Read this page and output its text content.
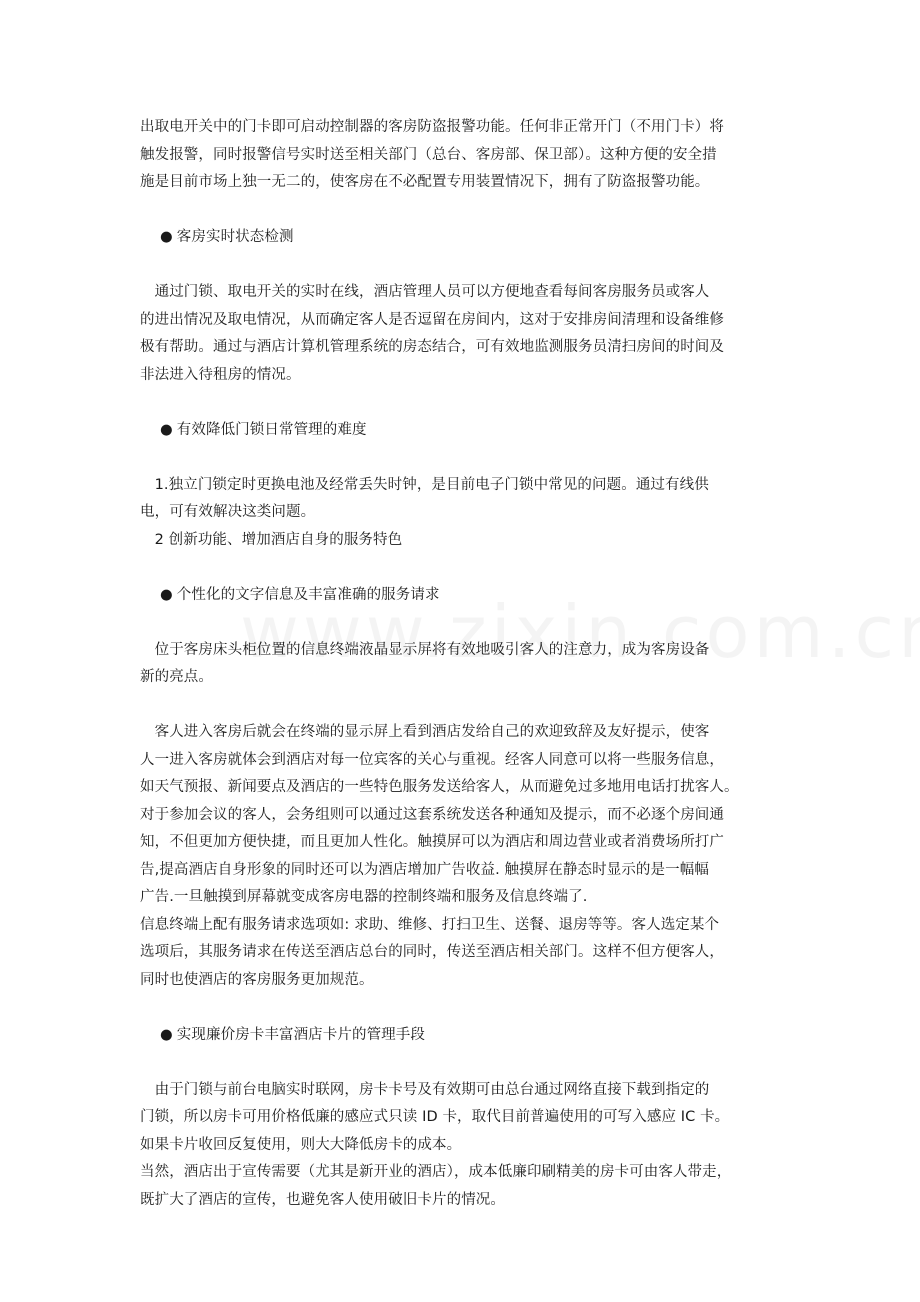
出取电开关中的门卡即可启动控制器的客房防盗报警功能。任何非正常开门（不用门卡）将
触发报警，同时报警信号实时送至相关部门（总台、客房部、保卫部）。这种方便的安全措
施是目前市场上独一无二的，使客房在不必配置专用装置情况下，拥有了防盗报警功能。
● 客房实时状态检测
　通过门锁、取电开关的实时在线，酒店管理人员可以方便地查看每间客房服务员或客人
的进出情况及取电情况，从而确定客人是否逗留在房间内，这对于安排房间清理和设备维修
极有帮助。通过与酒店计算机管理系统的房态结合，可有效地监测服务员清扫房间的时间及
非法进入待租房的情况。
● 有效降低门锁日常管理的难度
　1.独立门锁定时更换电池及经常丢失时钟，是目前电子门锁中常见的问题。通过有线供
电，可有效解决这类问题。
　2 创新功能、增加酒店自身的服务特色
● 个性化的文字信息及丰富准确的服务请求
　位于客房床头柜位置的信息终端液晶显示屏将有效地吸引客人的注意力，成为客房设备
新的亮点。
　客人进入客房后就会在终端的显示屏上看到酒店发给自己的欢迎致辞及友好提示，使客
人一进入客房就体会到酒店对每一位宾客的关心与重视。经客人同意可以将一些服务信息，
如天气预报、新闻要点及酒店的一些特色服务发送给客人，从而避免过多地用电话打扰客人。
对于参加会议的客人，会务组则可以通过这套系统发送各种通知及提示，而不必逐个房间通
知，不但更加方便快捷，而且更加人性化。触摸屏可以为酒店和周边营业或者消费场所打广
告,提高酒店自身形象的同时还可以为酒店增加广告收益. 触摸屏在静态时显示的是一幅幅
广告.一旦触摸到屏幕就变成客房电器的控制终端和服务及信息终端了.
信息终端上配有服务请求选项如: 求助、维修、打扫卫生、送餐、退房等等。客人选定某个
选项后，其服务请求在传送至酒店总台的同时，传送至酒店相关部门。这样不但方便客人，
同时也使酒店的客房服务更加规范。
● 实现廉价房卡丰富酒店卡片的管理手段
　由于门锁与前台电脑实时联网，房卡卡号及有效期可由总台通过网络直接下载到指定的
门锁，所以房卡可用价格低廉的感应式只读 ID 卡，取代目前普遍使用的可写入感应 IC 卡。
如果卡片收回反复使用，则大大降低房卡的成本。
当然，酒店出于宣传需要（尤其是新开业的酒店），成本低廉印刷精美的房卡可由客人带走，
既扩大了酒店的宣传，也避免客人使用破旧卡片的情况。
